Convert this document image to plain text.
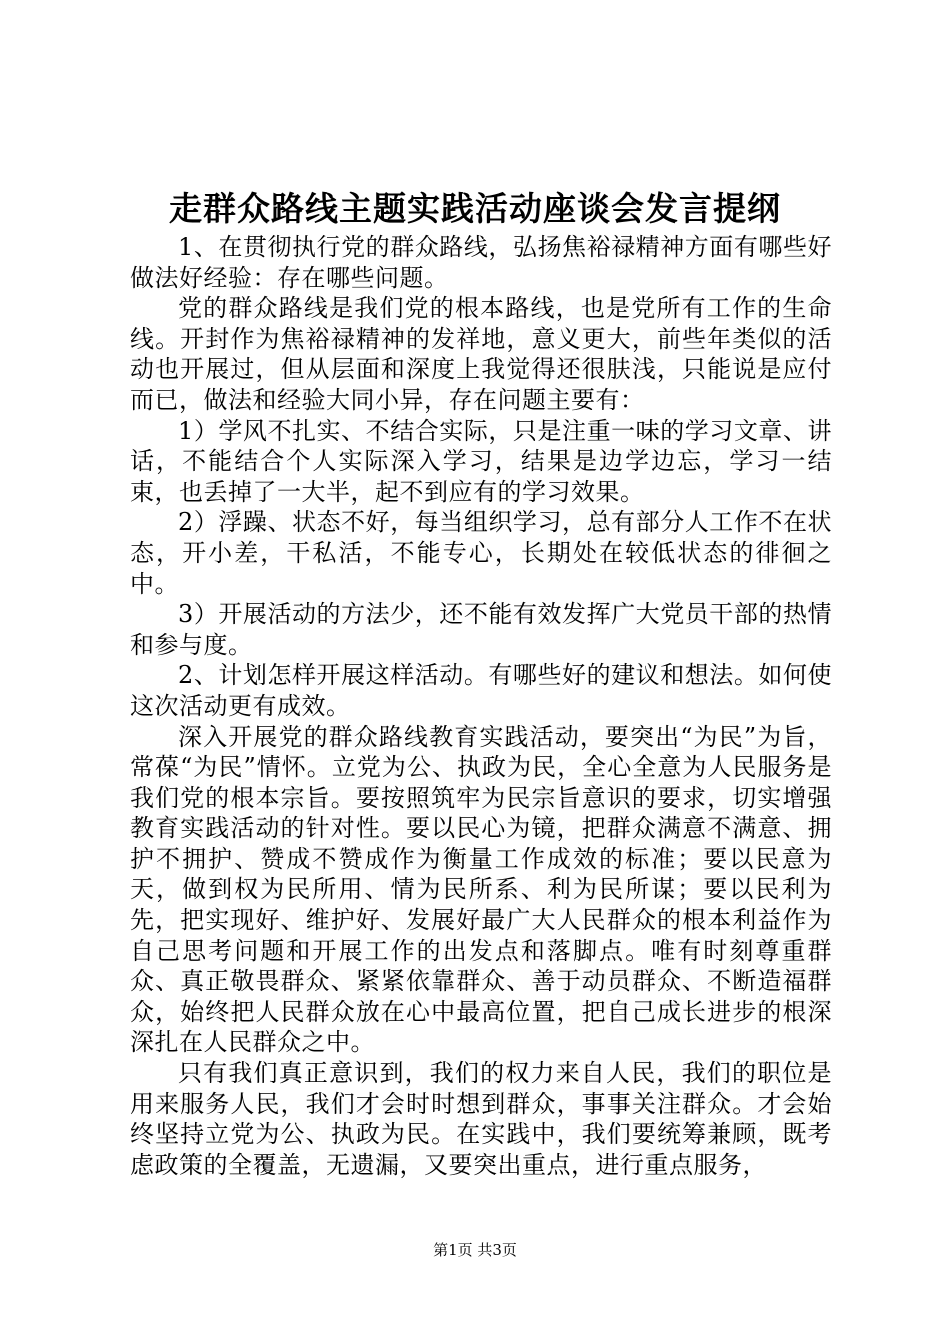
走群众路线主题实践活动座谈会发言提纲

1、在贯彻执行党的群众路线，弘扬焦裕禄精神方面有哪些好做法好经验：存在哪些问题。

党的群众路线是我们党的根本路线，也是党所有工作的生命线。开封作为焦裕禄精神的发祥地，意义更大，前些年类似的活动也开展过，但从层面和深度上我觉得还很肤浅，只能说是应付而已，做法和经验大同小异，存在问题主要有：

1）学风不扎实、不结合实际，只是注重一味的学习文章、讲话，不能结合个人实际深入学习，结果是边学边忘，学习一结束，也丢掉了一大半，起不到应有的学习效果。

2）浮躁、状态不好，每当组织学习，总有部分人工作不在状态，开小差，干私活，不能专心，长期处在较低状态的徘徊之中。

3）开展活动的方法少，还不能有效发挥广大党员干部的热情和参与度。

2、计划怎样开展这样活动。有哪些好的建议和想法。如何使这次活动更有成效。

深入开展党的群众路线教育实践活动，要突出“为民”为旨，常葆“为民”情怀。立党为公、执政为民，全心全意为人民服务是我们党的根本宗旨。要按照筑牢为民宗旨意识的要求，切实增强教育实践活动的针对性。要以民心为镜，把群众满意不满意、拥护不拥护、赞成不赞成作为衡量工作成效的标准；要以民意为天，做到权为民所用、情为民所系、利为民所谋；要以民利为先，把实现好、维护好、发展好最广大人民群众的根本利益作为自己思考问题和开展工作的出发点和落脚点。唯有时刻尊重群众、真正敬畏群众、紧紧依靠群众、善于动员群众、不断造福群众，始终把人民群众放在心中最高位置，把自己成长进步的根深深扎在人民群众之中。

只有我们真正意识到，我们的权力来自人民，我们的职位是用来服务人民，我们才会时时想到群众，事事关注群众。才会始终坚持立党为公、执政为民。在实践中，我们要统筹兼顾，既考虑政策的全覆盖，无遗漏，又要突出重点，进行重点服务，

第1页 共3页
